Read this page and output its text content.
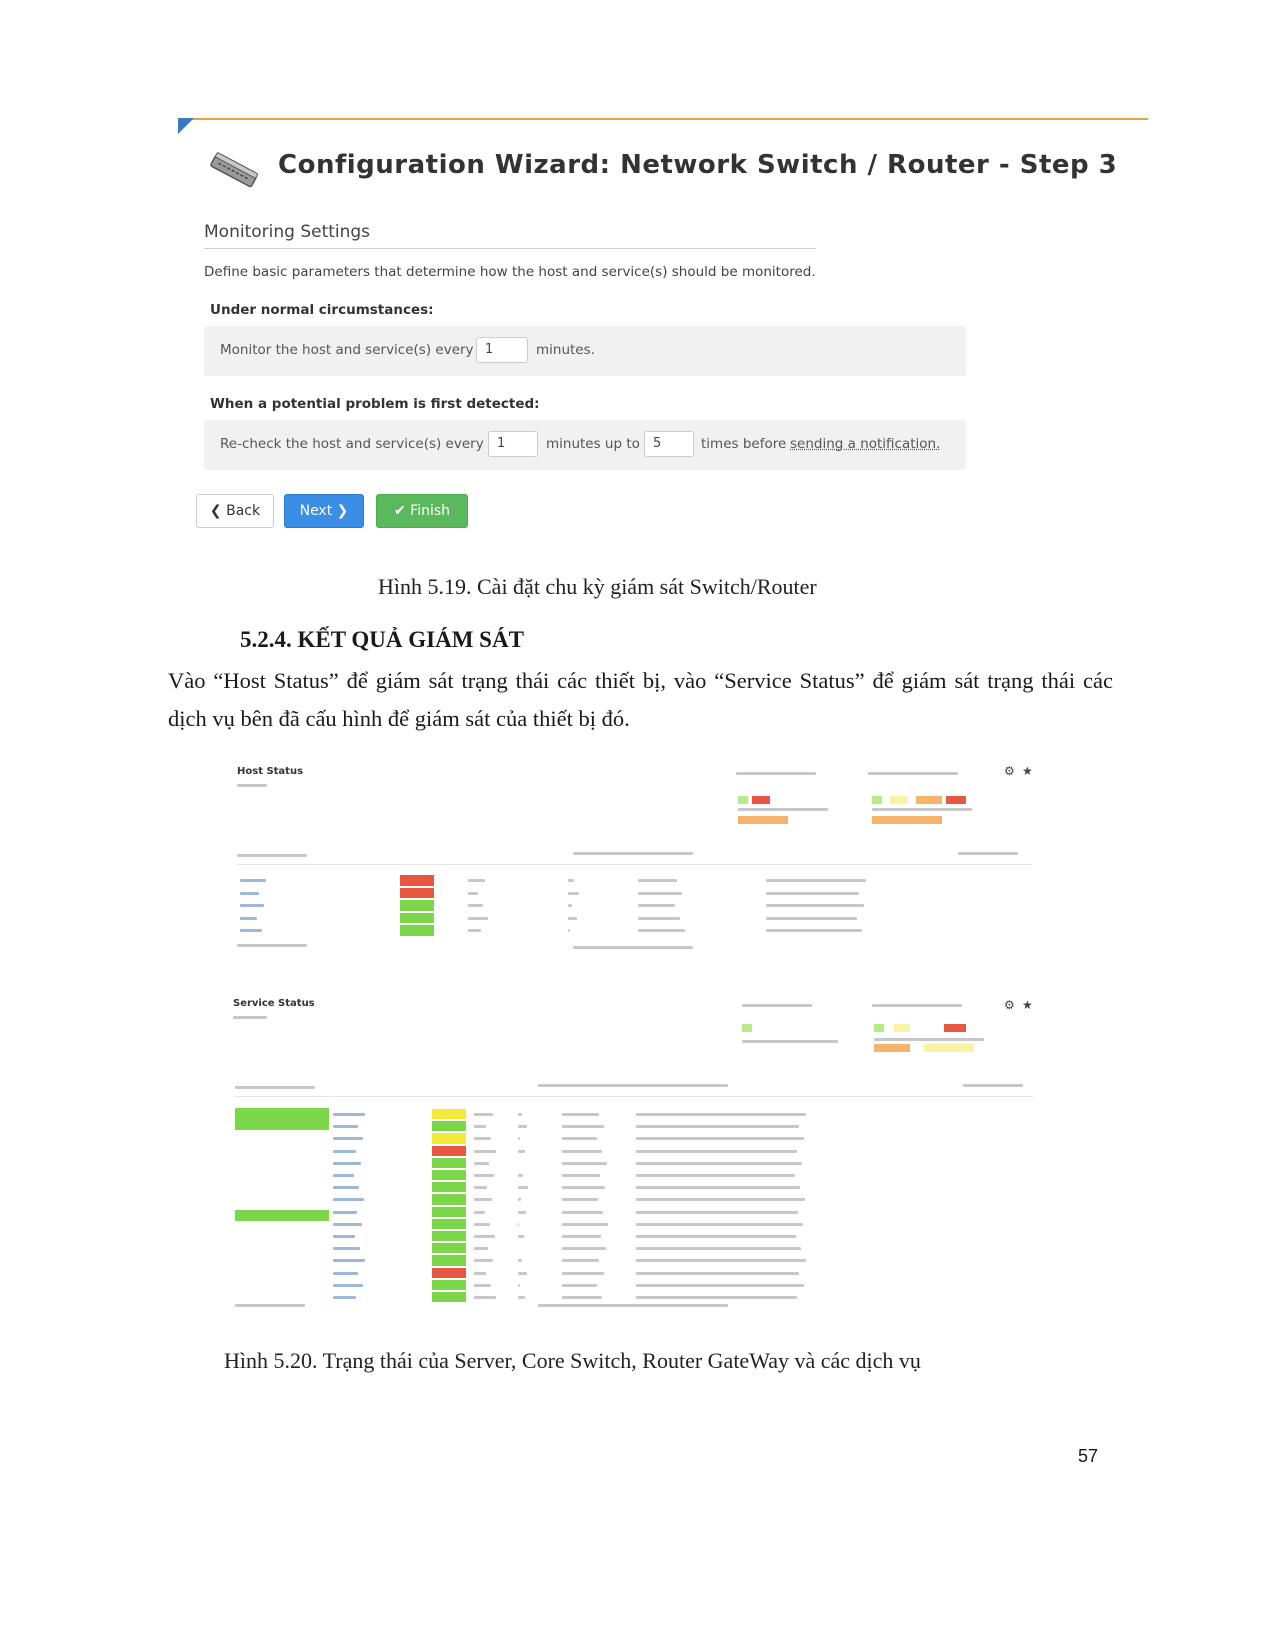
Configuration Wizard: Network Switch / Router - Step 3
Monitoring Settings
Define basic parameters that determine how the host and service(s) should be monitored.
Under normal circumstances:
Monitor the host and service(s) every 1	minutes.
When a potential problem is first detected:
Re-check the host and service(s) every	1	minutes up to	5	times before sending a notification.
❮ Back	Next ❯	✔ Finish
Hình 5.19. Cài đặt chu kỳ giám sát Switch/Router
5.2.4. KẾT QUẢ GIÁM SÁT
Vào “Host Status” để giám sát trạng thái các thiết bị, vào “Service Status” để giám sát trạng thái các dịch vụ bên đã cấu hình để giám sát của thiết bị đó.
Host Status	⚙ ★
Service Status	⚙ ★
Hình 5.20. Trạng thái của Server, Core Switch, Router GateWay và các dịch vụ
57
